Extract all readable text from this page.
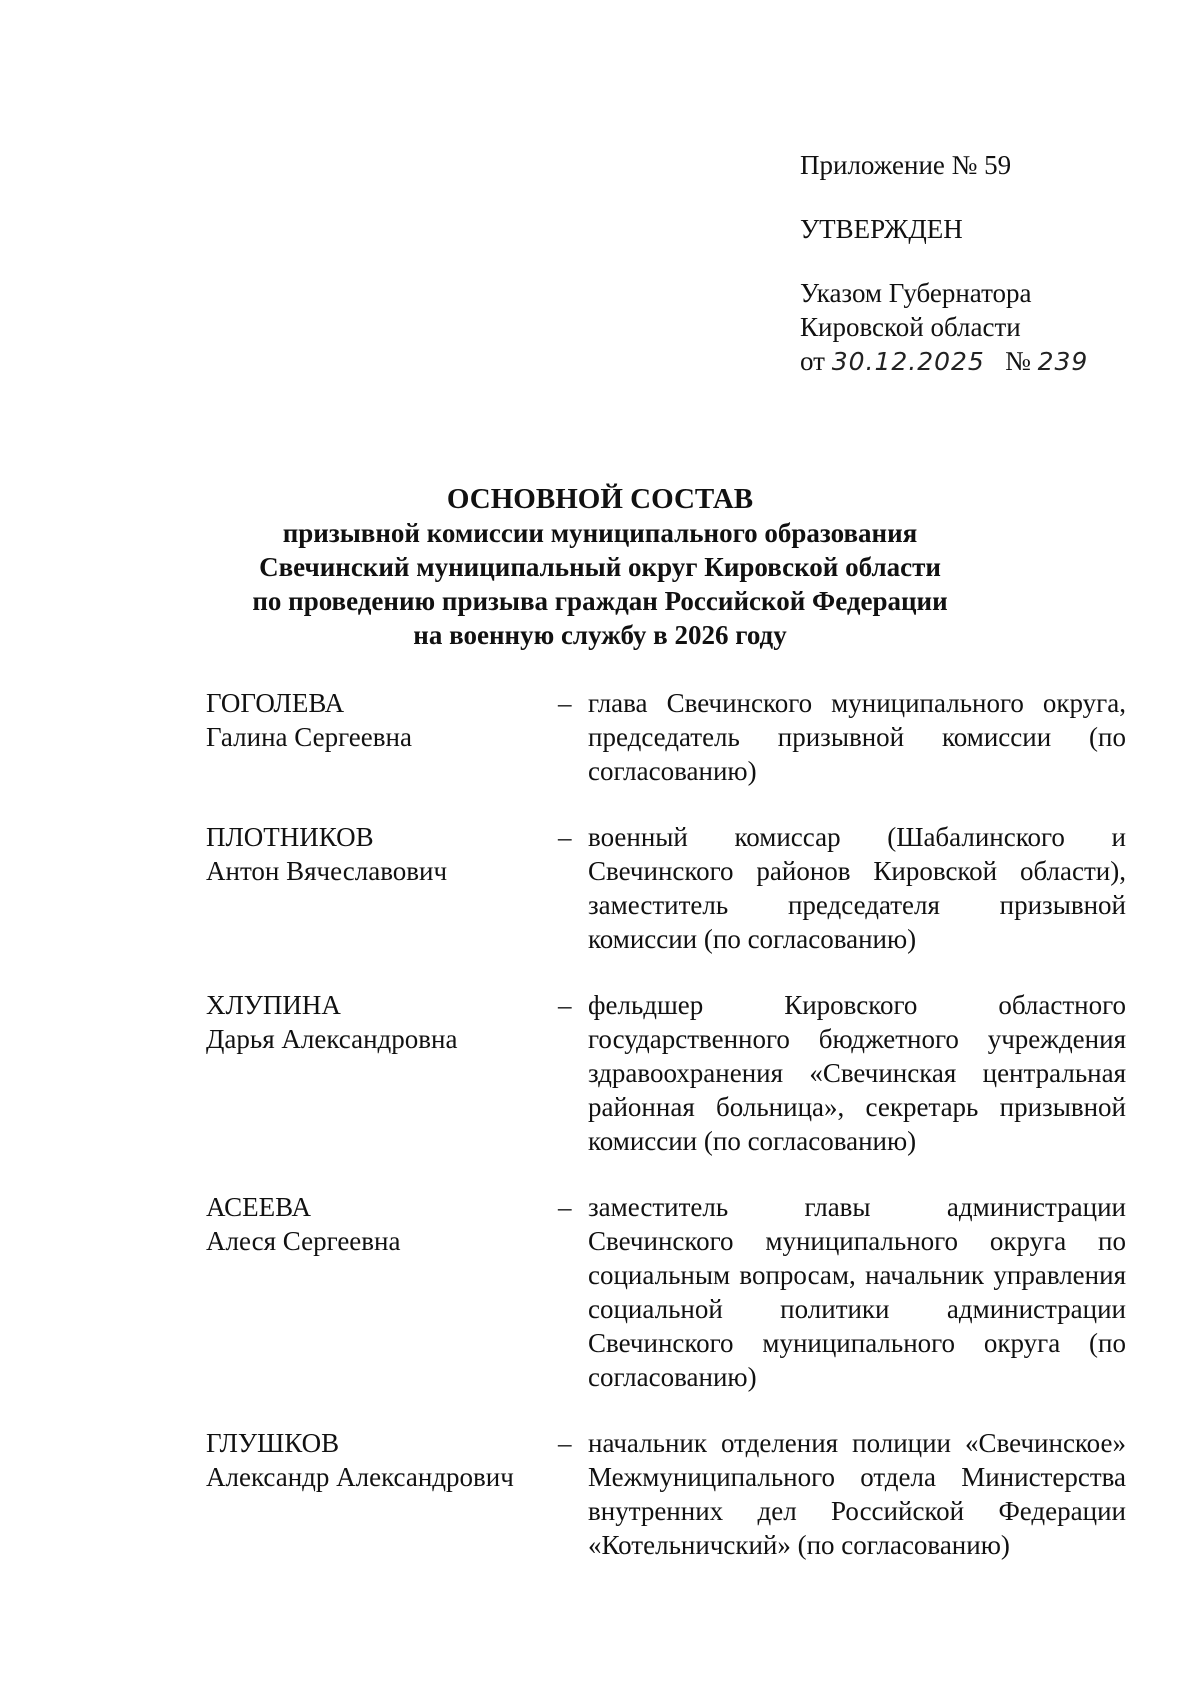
Приложение № 59
УТВЕРЖДЕН
Указом Губернатора
Кировской области
от 30.12.2025 № 239
ОСНОВНОЙ СОСТАВ
призывной комиссии муниципального образования
Свечинский муниципальный округ Кировской области
по проведению призыва граждан Российской Федерации
на военную службу в 2026 году
ГОГОЛЕВА
Галина Сергеевна
– глава Свечинского муниципального округа, председатель призывной комиссии (по согласованию)
ПЛОТНИКОВ
Антон Вячеславович
– военный комиссар (Шабалинского и Свечинского районов Кировской области), заместитель председателя призывной комиссии (по согласованию)
ХЛУПИНА
Дарья Александровна
– фельдшер Кировского областного государственного бюджетного учреждения здравоохранения «Свечинская центральная районная больница», секретарь призывной комиссии (по согласованию)
АСЕЕВА
Алеся Сергеевна
– заместитель главы администрации Свечинского муниципального округа по социальным вопросам, начальник управления социальной политики администрации Свечинского муниципального округа (по согласованию)
ГЛУШКОВ
Александр Александрович
– начальник отделения полиции «Свечинское» Межмуниципального отдела Министерства внутренних дел Российской Федерации «Котельничский» (по согласованию)
